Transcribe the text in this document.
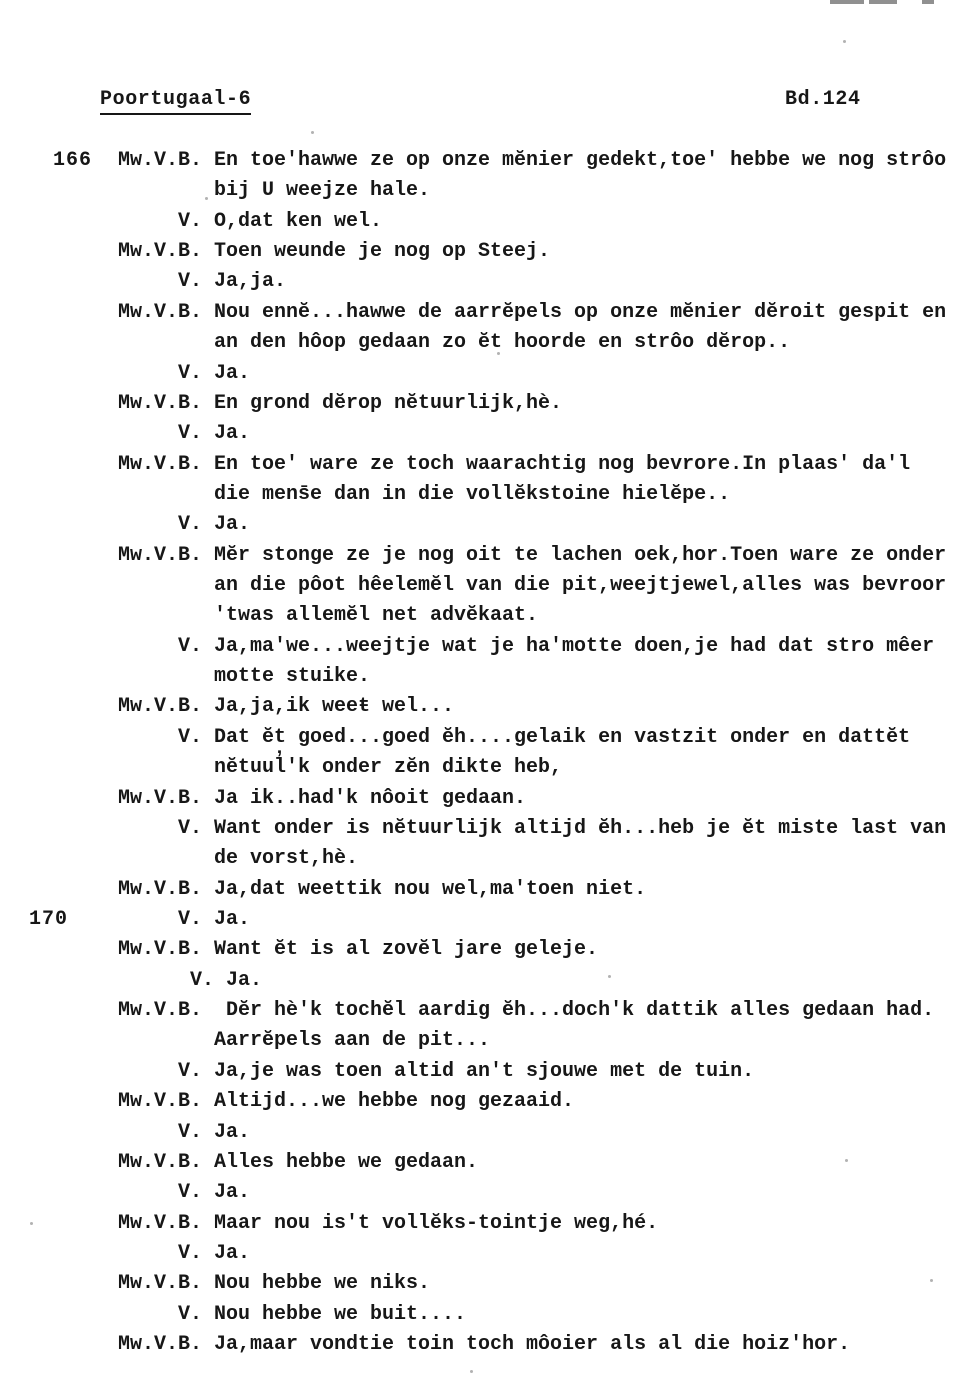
Poortugaal-6	Bd.124
166
170
Mw.V.B. En toe'hawwe ze op onze mĕnier gedekt,toe' hebbe we nog strôo
bij U weejze hale.
V. O,dat ken wel.
Mw.V.B. Toen weunde je nog op Steej.
V. Ja,ja.
Mw.V.B. Nou ennĕ...hawwe de aarrĕpels op onze mĕnier dĕroit gespit en
an den hôop gedaan zo ĕt hoorde en strôo dĕrop..
V. Ja.
Mw.V.B. En grond dĕrop nĕtuurlijk,hè.
V. Ja.
Mw.V.B. En toe' ware ze toch waarachtig nog bevrore.In plaas' da'l
die mens̄e dan in die vollĕkstoine hielĕpe..
V. Ja.
Mw.V.B. Mĕr stonge ze je nog oit te lachen oek,hor.Toen ware ze onder
an die pôot hêelemĕl van die pit,weejtjewel,alles was bevroor
'twas allemĕl net advĕkaat.
V. Ja,ma'we...weejtje wat je ha'motte doen,je had dat stro mêer
motte stuike.
Mw.V.B. Ja,ja,ik weeŧ wel...
V. Dat ĕt goed...goed ĕh....gelaik en vastzit onder en dattĕt
nĕtuul̓'k onder zĕn dikte heb,
Mw.V.B. Ja ik..had'k nôoit gedaan.
V. Want onder is nĕtuurlijk altijd ĕh...heb je ĕt miste last van
de vorst,hè.
Mw.V.B. Ja,dat weettik nou wel,ma'toen niet.
V. Ja.
Mw.V.B. Want ĕt is al zovĕl jare geleje.
V. Ja.
Mw.V.B. Dĕr hè'k tochĕl aardig ĕh...doch'k dattik alles gedaan had.
Aarrĕpels aan de pit...
V. Ja,je was toen altid an't sjouwe met de tuin.
Mw.V.B. Altijd...we hebbe nog gezaaid.
V. Ja.
Mw.V.B. Alles hebbe we gedaan.
V. Ja.
Mw.V.B. Maar nou is't vollĕks-tointje weg,hé.
V. Ja.
Mw.V.B. Nou hebbe we niks.
V. Nou hebbe we buit....
Mw.V.B. Ja,maar vondtie toin toch môoier als al die hoiz'hor.
